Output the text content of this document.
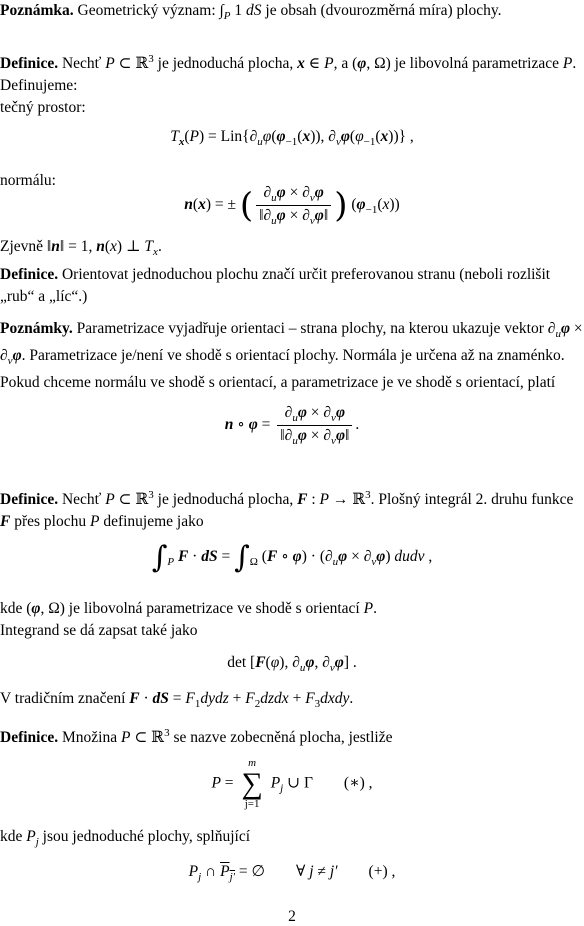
Poznámka. Geometrický význam: $\int_P$ 1 dS je obsah (dvourozměrná míra) plochy.
Definice. Nechť P ⊂ ℝ$^3$ je jednoduchá plocha, x ∈ P, a (φ, Ω) je libovolná parametrizace P. Definujeme:
tečný prostor:
$T_x(P) = Lin\{\partial_u\varphi(\varphi_{-1}(x))$, $\partial_v\varphi(\varphi_{-1}(x))$} ,
normálu:
n(x) = ± ( $\frac{\partial_u\varphi \times \partial_v\varphi}{‖\partial_u\varphi \times \partial_v\varphi‖}$ ) $(\varphi_{-1}(x))$
Zjevně ‖n‖ = 1, n(x) ⊥ $T_x$.
Definice. Orientovat jednoduchou plochu značí určit preferovanou stranu (neboli rozlišit „rub“ a „líc“.)
Poznámky. Parametrizace vyjadřuje orientaci – strana plochy, na kterou ukazuje vektor $\partial_u\varphi \times \partial_v\varphi$. Parametrizace je/není ve shodě s orientací plochy. Normála je určena až na znaménko. Pokud chceme normálu ve shodě s orientací, a parametrizace je ve shodě s orientací, platí
n ∘ $\varphi = \frac{\partial_u\varphi \times \partial_v\varphi}{‖\partial_u\varphi \times \partial_v\varphi‖}$ .
Definice. Nechť P ⊂ ℝ$^3$ je jednoduchá plocha, F : P → ℝ$^3$. Plošný integrál 2. druhu funkce F přes plochu P definujeme jako
$\int_P$ F · dS = $\int_\Omega$ (F ∘ $\varphi) \cdot (\partial_u\varphi \times \partial_v\varphi)$ dudv ,
kde (φ, Ω) je libovolná parametrizace ve shodě s orientací P.
Integrand se dá zapsat také jako
det [F(φ), $\partial_u\varphi$, $\partial_v\varphi$] .
V tradičním značení F · dS = $F_1dydz$ + $F_2dzdx$ + $F_3dxdy$.
Definice. Množina P ⊂ ℝ$^3$ se nazve zobecněná plocha, jestliže
P =
m
∑
j=1
$P_j$ ∪ Γ        (∗) ,
kde $P_j$ jsou jednoduché plochy, splňující
$P_j$ ∩ $P_{j'}$ = ∅        ∀ j ≠ j′ (+) ,
2
